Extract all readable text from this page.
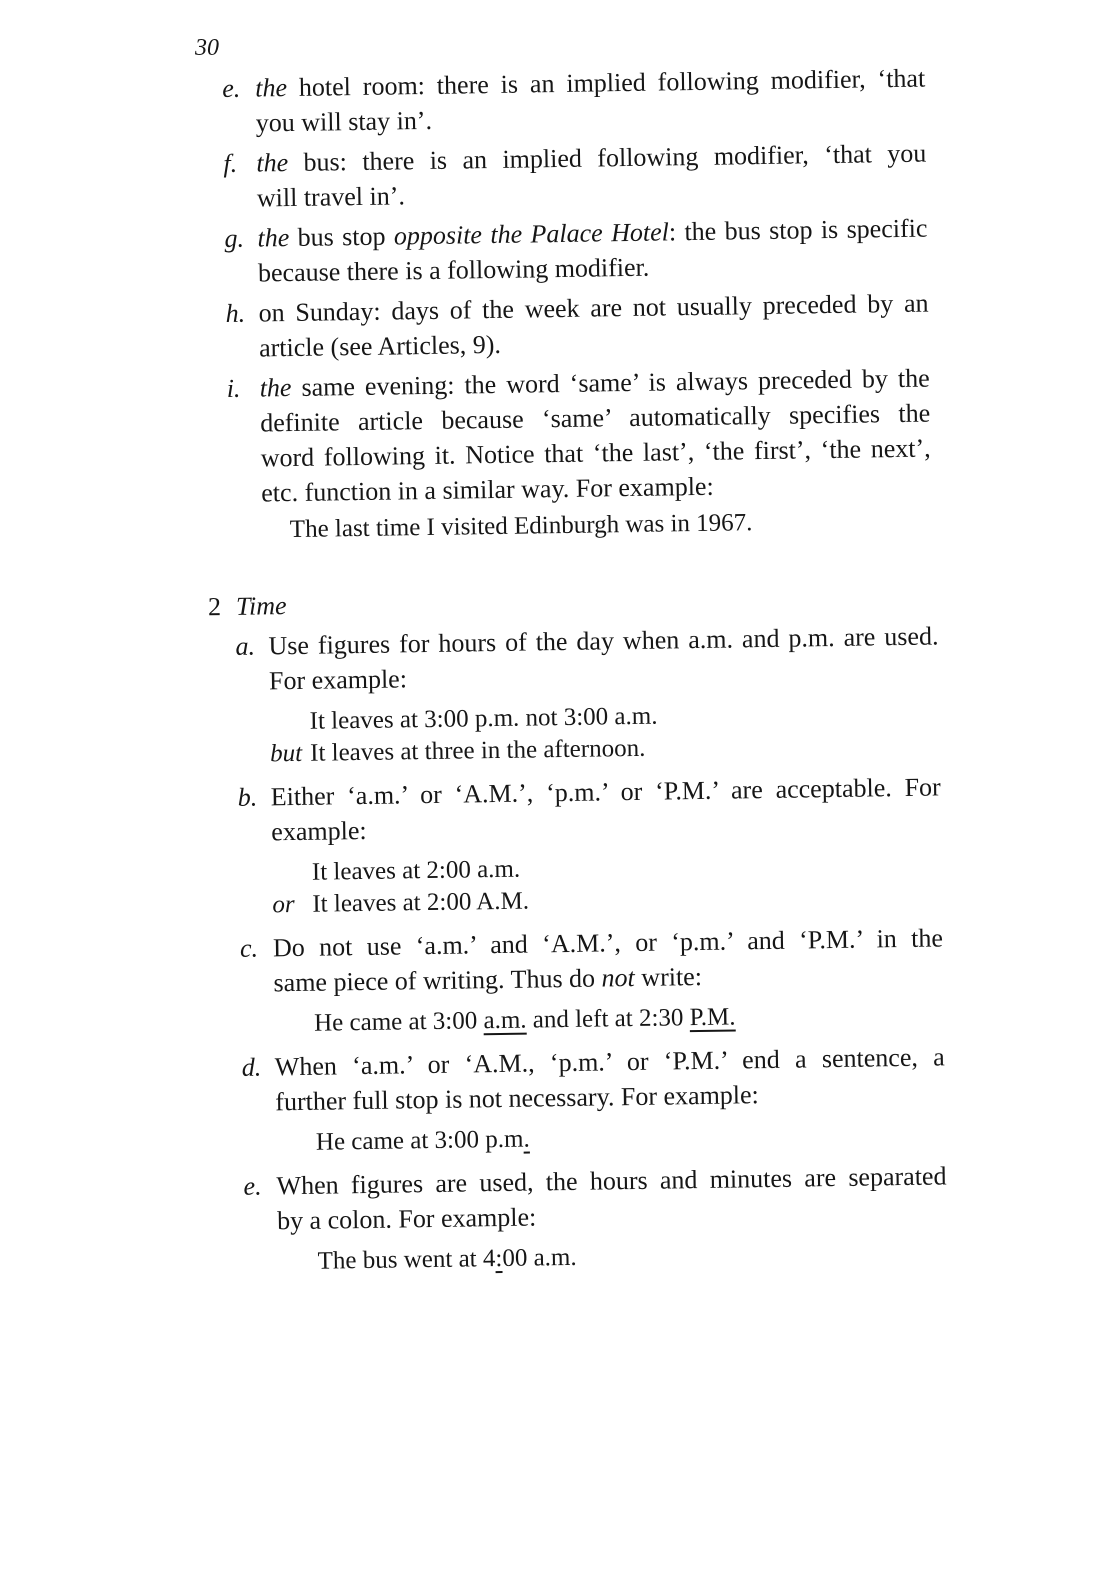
30
e. the hotel room: there is an implied following modifier, ‘that
you will stay in’.
f. the bus: there is an implied following modifier, ‘that you
will travel in’.
g. the bus stop opposite the Palace Hotel: the bus stop is specific
because there is a following modifier.
h. on Sunday: days of the week are not usually preceded by an
article (see Articles, 9).
i. the same evening: the word ‘same’ is always preceded by the
definite article because ‘same’ automatically specifies the
word following it. Notice that ‘the last’, ‘the first’, ‘the next’,
etc. function in a similar way. For example:
The last time I visited Edinburgh was in 1967.
2 Time
a. Use figures for hours of the day when a.m. and p.m. are used.
For example:
It leaves at 3:00 p.m. not 3:00 a.m.
but It leaves at three in the afternoon.
b. Either ‘a.m.’ or ‘A.M.’, ‘p.m.’ or ‘P.M.’ are acceptable. For
example:
It leaves at 2:00 a.m.
or It leaves at 2:00 A.M.
c. Do not use ‘a.m.’ and ‘A.M.’, or ‘p.m.’ and ‘P.M.’ in the
same piece of writing. Thus do not write:
He came at 3:00 a.m. and left at 2:30 P.M.
d. When ‘a.m.’ or ‘A.M., ‘p.m.’ or ‘P.M.’ end a sentence, a
further full stop is not necessary. For example:
He came at 3:00 p.m.
e. When figures are used, the hours and minutes are separated
by a colon. For example:
The bus went at 4:00 a.m.
